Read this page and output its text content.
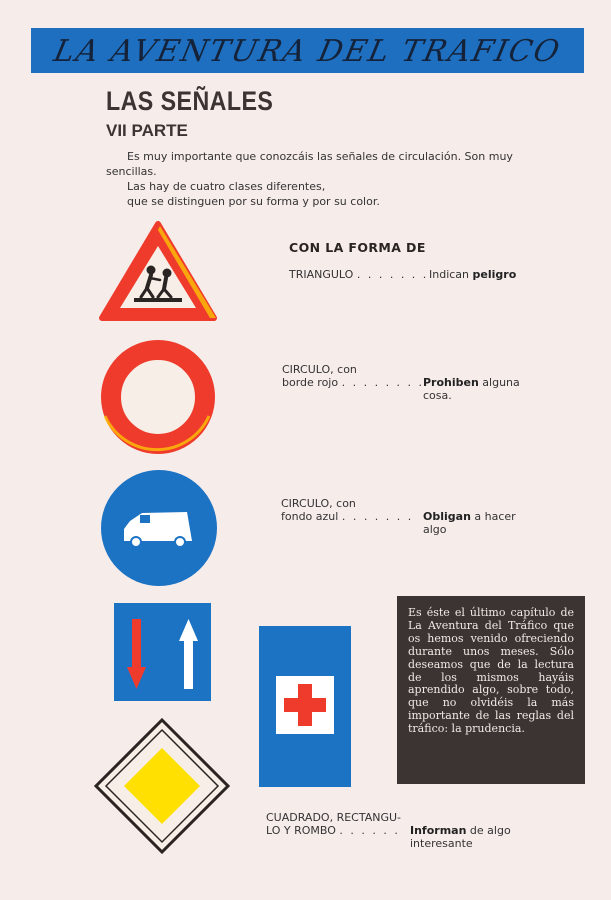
LA AVENTURA DEL TRAFICO
LAS SEÑALES
VII PARTE

Es muy importante que conozcáis las señales de circulación. Son muy sencillas.

Las hay de cuatro clases diferentes,

que se distinguen por su forma y por su color.

CON LA FORMA DE
TRIANGULO . . . . . . . Indican peligro
CIRCULO, con
borde rojo . . . . . . . .
Prohiben alguna
cosa.
CIRCULO, con
fondo azul . . . . . . . Obligan a hacer
algo
CUADRADO, RECTANGU-
LO Y ROMBO . . . . . . Informan de algo
interesante
Es éste el último capítulo de La Aventura del Tráfico que os hemos venido ofreciendo durante unos meses. Sólo deseamos que de la lectura de los mismos hayáis aprendido algo, sobre todo, que no olvidéis la más importante de las reglas del tráfico: la prudencia.
